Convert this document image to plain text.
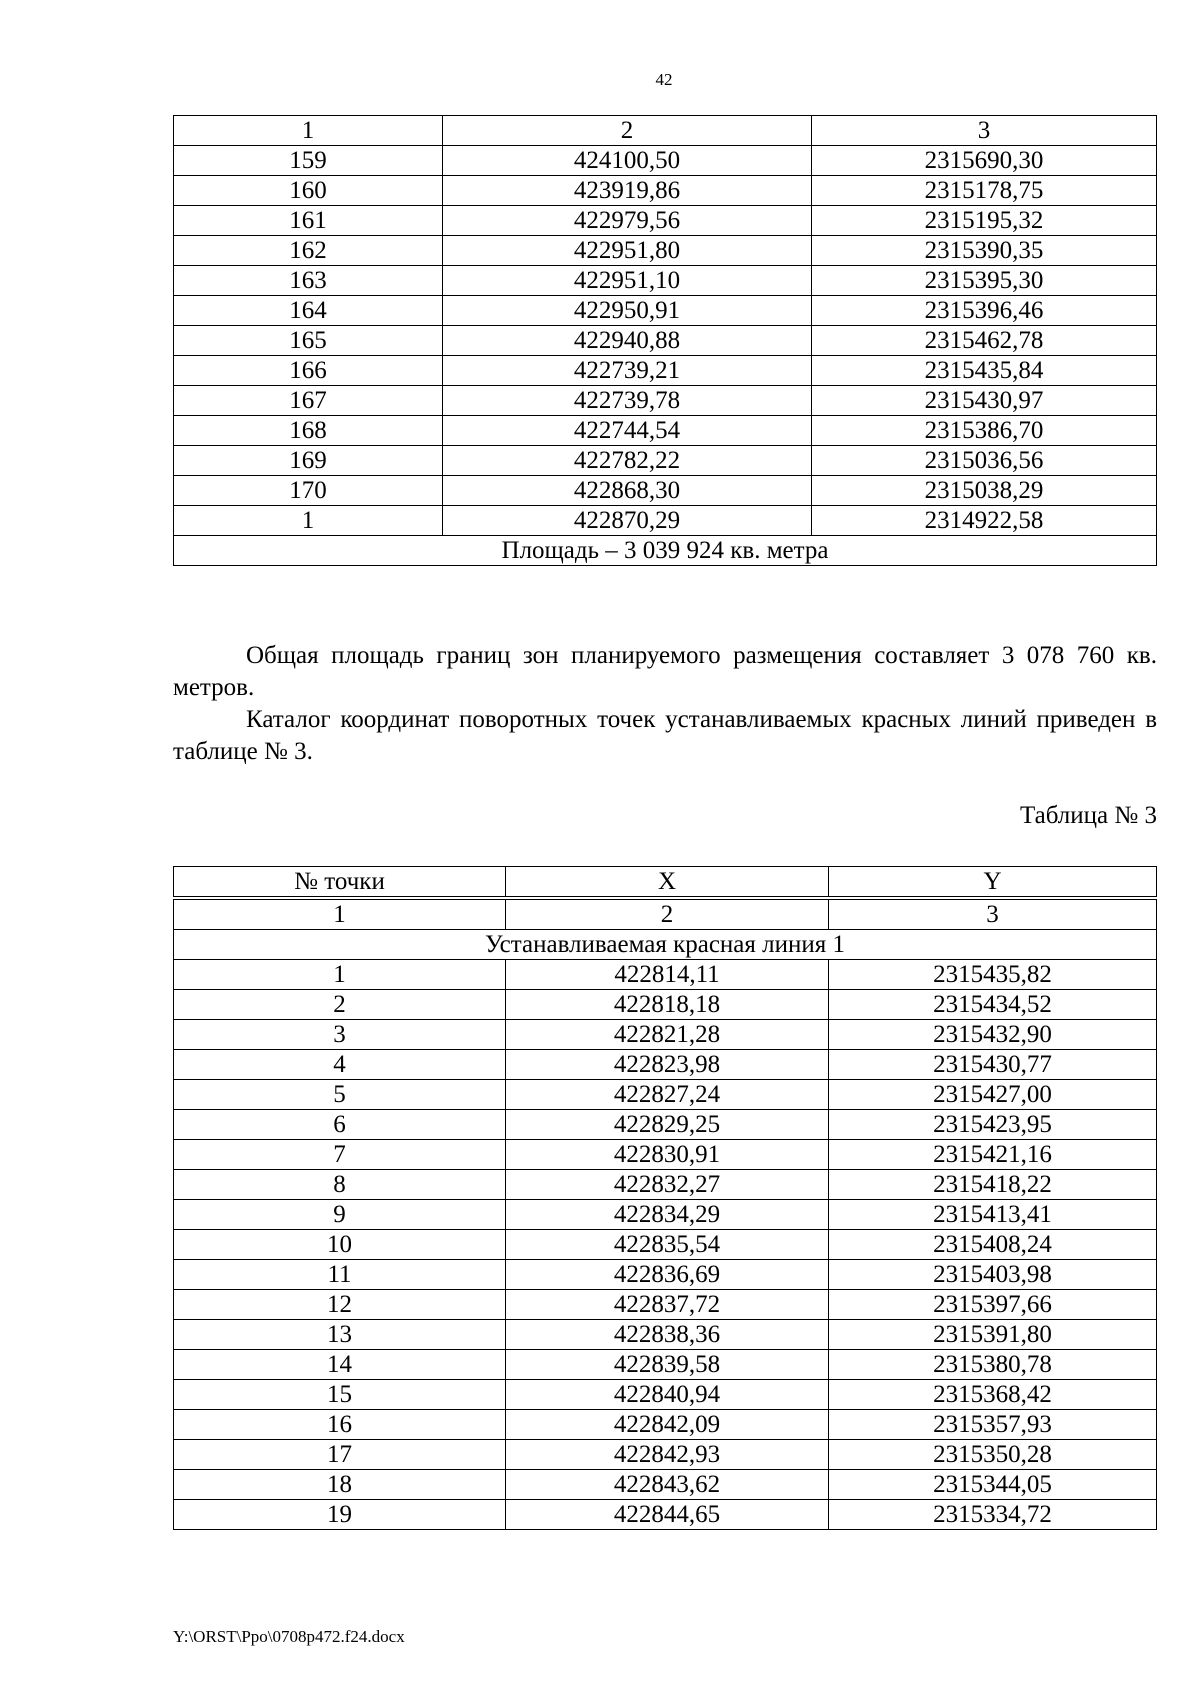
42
1	2	3
159	424100,50	2315690,30
160	423919,86	2315178,75
161	422979,56	2315195,32
162	422951,80	2315390,35
163	422951,10	2315395,30
164	422950,91	2315396,46
165	422940,88	2315462,78
166	422739,21	2315435,84
167	422739,78	2315430,97
168	422744,54	2315386,70
169	422782,22	2315036,56
170	422868,30	2315038,29
1	422870,29	2314922,58
Площадь – 3 039 924 кв. метра		

Общая площадь границ зон планируемого размещения составляет 3 078 760 кв. метров.

Каталог координат поворотных точек устанавливаемых красных линий приведен в таблице № 3.

Таблица № 3
№ точки	X	Y
1	2	3
Устанавливаемая красная линия 1		
1	422814,11	2315435,82
2	422818,18	2315434,52
3	422821,28	2315432,90
4	422823,98	2315430,77
5	422827,24	2315427,00
6	422829,25	2315423,95
7	422830,91	2315421,16
8	422832,27	2315418,22
9	422834,29	2315413,41
10	422835,54	2315408,24
11	422836,69	2315403,98
12	422837,72	2315397,66
13	422838,36	2315391,80
14	422839,58	2315380,78
15	422840,94	2315368,42
16	422842,09	2315357,93
17	422842,93	2315350,28
18	422843,62	2315344,05
19	422844,65	2315334,72
Y:\ORST\Ppo\0708p472.f24.docx
